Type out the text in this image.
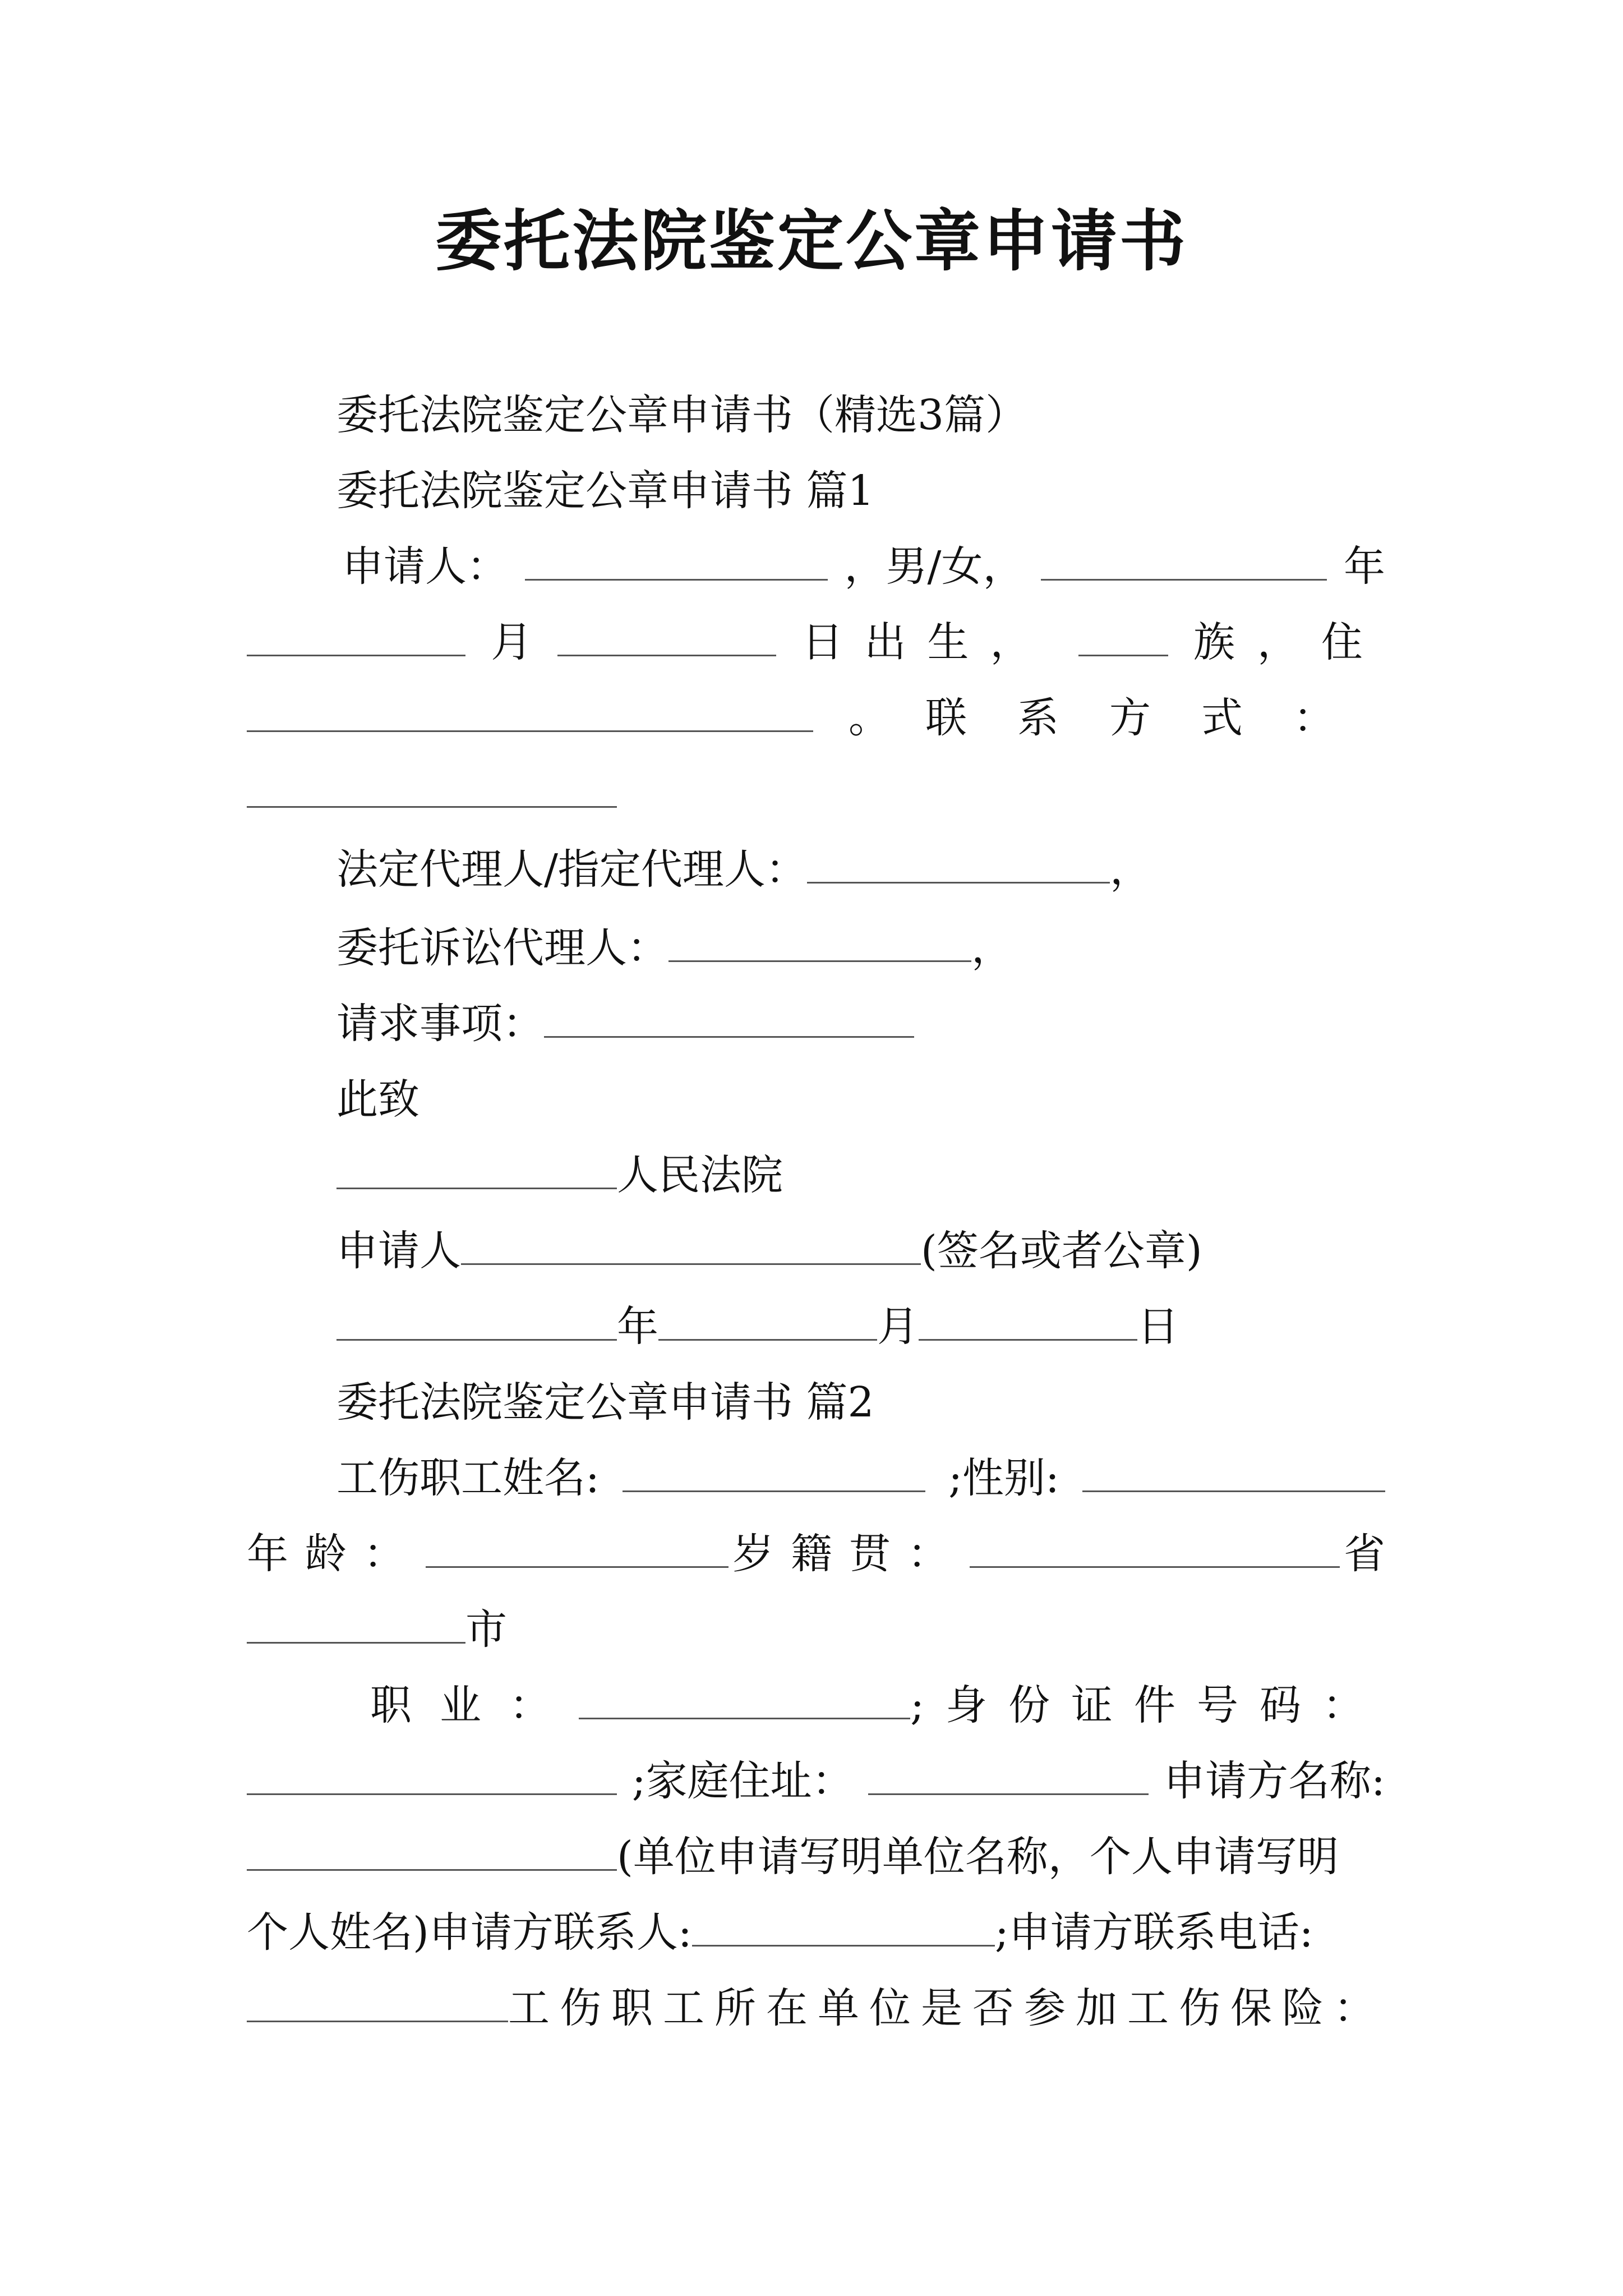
委托法院鉴定公章申请书
委托法院鉴定公章申请书（精选3篇）
委托法院鉴定公章申请书 篇1
申请人：	，男/女，	年
月	日出生，	族，住
。 联系方式：
法定代理人/指定代理人：	，
委托诉讼代理人：	，
请求事项：
此致
人民法院
申请人	(签名或者公章)
年	月	日
委托法院鉴定公章申请书 篇2
工伤职工姓名:	;性别:
年龄：	岁籍贯：	省
市
职业：	;身份证件号码：
;家庭住址：	申请方名称:
(单位申请写明单位名称，个人申请写明
个人姓名)申请方联系人:	;申请方联系电话:
工伤职工所在单位是否参加工伤保险：
